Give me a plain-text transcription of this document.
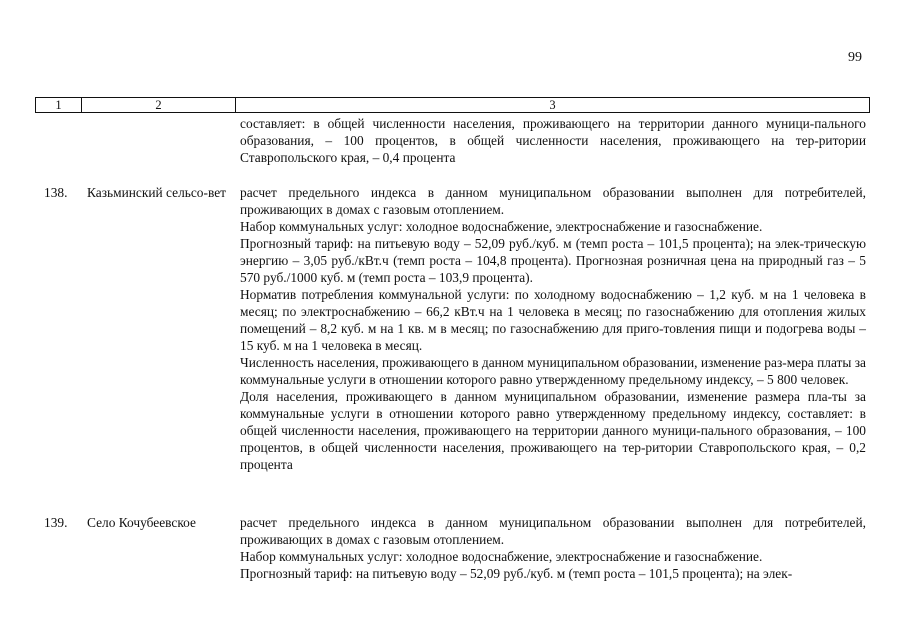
99
1	2	3

составляет: в общей численности населения, проживающего на территории данного муници-пального образования, – 100 процентов, в общей численности населения, проживающего на тер-ритории Ставропольского края, – 0,4 процента

138. Казьминский сельсо-вет	расчет предельного индекса в данном муниципальном образовании выполнен для потребителей, проживающих в домах с газовым отоплением.

Набор коммунальных услуг: холодное водоснабжение, электроснабжение и газоснабжение.

Прогнозный тариф: на питьевую воду – 52,09 руб./куб. м (темп роста – 101,5 процента); на элек-трическую энергию – 3,05 руб./кВт.ч (темп роста – 104,8 процента). Прогнозная розничная цена на природный газ – 5 570 руб./1000 куб. м (темп роста – 103,9 процента).

Норматив потребления коммунальной услуги: по холодному водоснабжению – 1,2 куб. м на 1 человека в месяц; по электроснабжению – 66,2 кВт.ч на 1 человека в месяц; по газоснабжению для отопления жилых помещений – 8,2 куб. м на 1 кв. м в месяц; по газоснабжению для приго-товления пищи и подогрева воды – 15 куб. м на 1 человека в месяц.

Численность населения, проживающего в данном муниципальном образовании, изменение раз-мера платы за коммунальные услуги в отношении которого равно утвержденному предельному индексу, – 5 800 человек.

Доля населения, проживающего в данном муниципальном образовании, изменение размера пла-ты за коммунальные услуги в отношении которого равно утвержденному предельному индексу, составляет: в общей численности населения, проживающего на территории данного муници-пального образования, – 100 процентов, в общей численности населения, проживающего на тер-ритории Ставропольского края, – 0,2 процента

139. Село Кочубеевское	расчет предельного индекса в данном муниципальном образовании выполнен для потребителей, проживающих в домах с газовым отоплением.

Набор коммунальных услуг: холодное водоснабжение, электроснабжение и газоснабжение.

Прогнозный тариф: на питьевую воду – 52,09 руб./куб. м (темп роста – 101,5 процента); на элек-
